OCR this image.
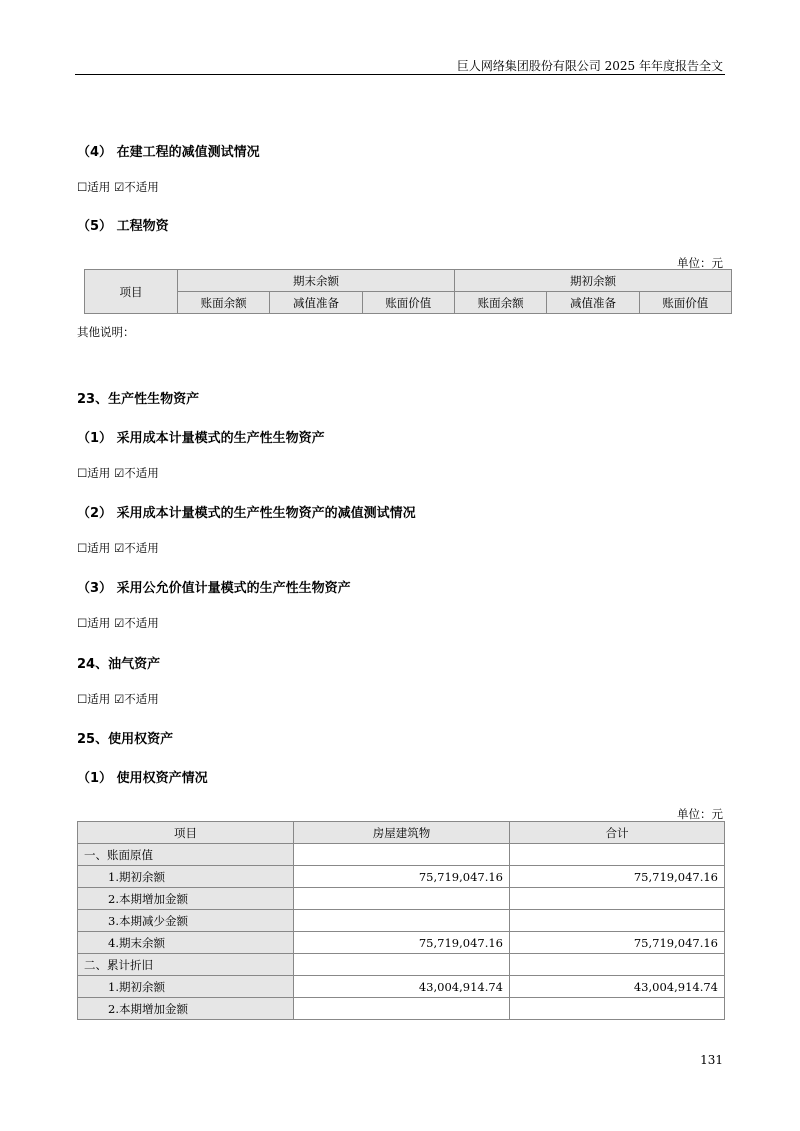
巨人网络集团股份有限公司 2025 年年度报告全文
（4） 在建工程的减值测试情况
☐适用 ☑不适用
（5） 工程物资
单位：元
项目	期末余额			期初余额		
	账面余额	减值准备	账面价值	账面余额	减值准备	账面价值
其他说明：
23、生产性生物资产
（1） 采用成本计量模式的生产性生物资产
☐适用 ☑不适用
（2） 采用成本计量模式的生产性生物资产的减值测试情况
☐适用 ☑不适用
（3） 采用公允价值计量模式的生产性生物资产
☐适用 ☑不适用
24、油气资产
☐适用 ☑不适用
25、使用权资产
（1） 使用权资产情况
单位：元
项目	房屋建筑物	合计
一、账面原值		
1.期初余额	75,719,047.16	75,719,047.16
2.本期增加金额		
3.本期减少金额		
4.期末余额	75,719,047.16	75,719,047.16
二、累计折旧		
1.期初余额	43,004,914.74	43,004,914.74
2.本期增加金额		
131
